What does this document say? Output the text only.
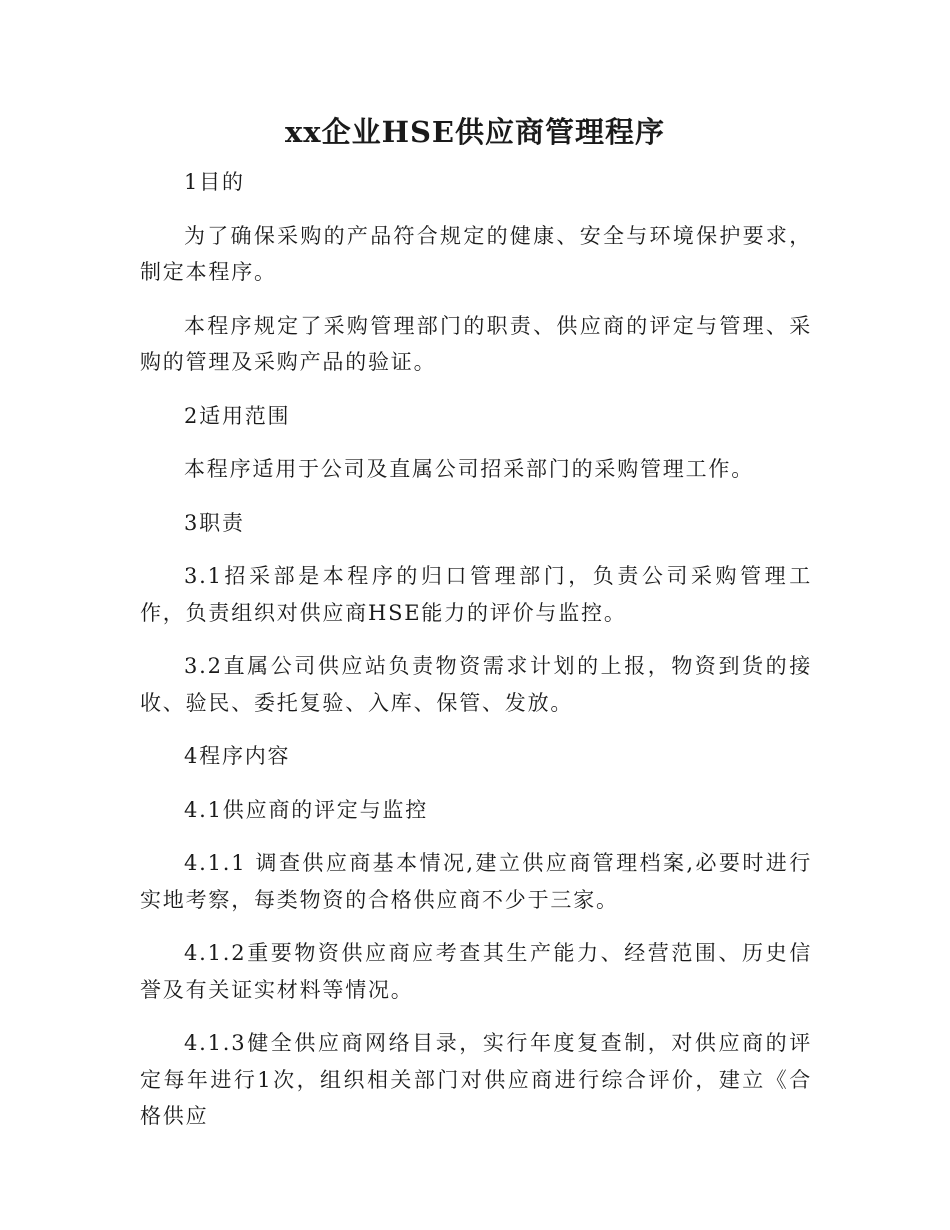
xx企业HSE供应商管理程序

1目的

为了确保采购的产品符合规定的健康、安全与环境保护要求，制定本程序。

本程序规定了采购管理部门的职责、供应商的评定与管理、采购的管理及采购产品的验证。

2适用范围

本程序适用于公司及直属公司招采部门的采购管理工作。

3职责

3.1招采部是本程序的归口管理部门，负责公司采购管理工作，负责组织对供应商HSE能力的评价与监控。

3.2直属公司供应站负责物资需求计划的上报，物资到货的接收、验民、委托复验、入库、保管、发放。

4程序内容

4.1供应商的评定与监控

4.1.1 调查供应商基本情况,建立供应商管理档案,必要时进行实地考察，每类物资的合格供应商不少于三家。

4.1.2重要物资供应商应考查其生产能力、经营范围、历史信誉及有关证实材料等情况。

4.1.3健全供应商网络目录，实行年度复查制，对供应商的评定每年进行1次，组织相关部门对供应商进行综合评价，建立《合格供应
